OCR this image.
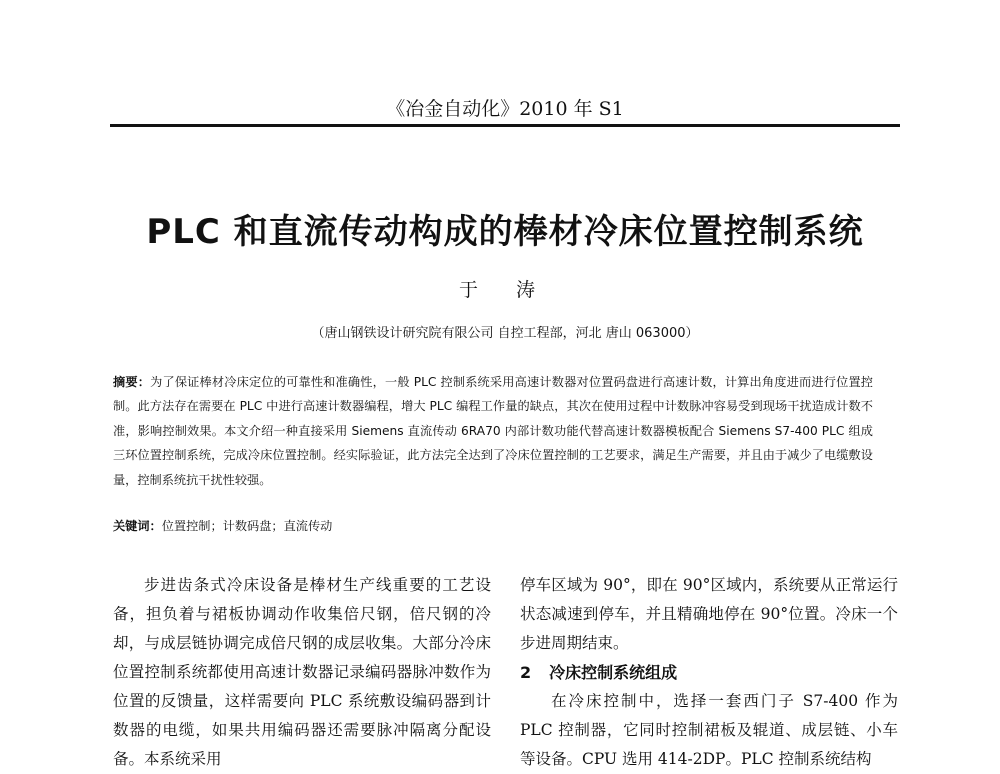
《冶金自动化》2010 年 S1
PLC 和直流传动构成的棒材冷床位置控制系统
于 涛
（唐山钢铁设计研究院有限公司 自控工程部，河北 唐山 063000）
摘要：为了保证棒材冷床定位的可靠性和准确性，一般 PLC 控制系统采用高速计数器对位置码盘进行高速计数，计算出角度进而进行位置控制。此方法存在需要在 PLC 中进行高速计数器编程，增大 PLC 编程工作量的缺点，其次在使用过程中计数脉冲容易受到现场干扰造成计数不准，影响控制效果。本文介绍一种直接采用 Siemens 直流传动 6RA70 内部计数功能代替高速计数器模板配合 Siemens S7-400 PLC 组成三环位置控制系统，完成冷床位置控制。经实际验证，此方法完全达到了冷床位置控制的工艺要求，满足生产需要，并且由于减少了电缆敷设量，控制系统抗干扰性较强。
关键词：位置控制；计数码盘；直流传动

步进齿条式冷床设备是棒材生产线重要的工艺设备，担负着与裙板协调动作收集倍尺钢，倍尺钢的冷却，与成层链协调完成倍尺钢的成层收集。大部分冷床位置控制系统都使用高速计数器记录编码器脉冲数作为位置的反馈量，这样需要向 PLC 系统敷设编码器到计数器的电缆，如果共用编码器还需要脉冲隔离分配设备。本系统采用

停车区域为 90°，即在 90°区域内，系统要从正常运行状态减速到停车，并且精确地停在 90°位置。冷床一个步进周期结束。

2 冷床控制系统组成

在冷床控制中，选择一套西门子 S7-400 作为 PLC 控制器，它同时控制裙板及辊道、成层链、小车等设备。CPU 选用 414-2DP。PLC 控制系统结构
